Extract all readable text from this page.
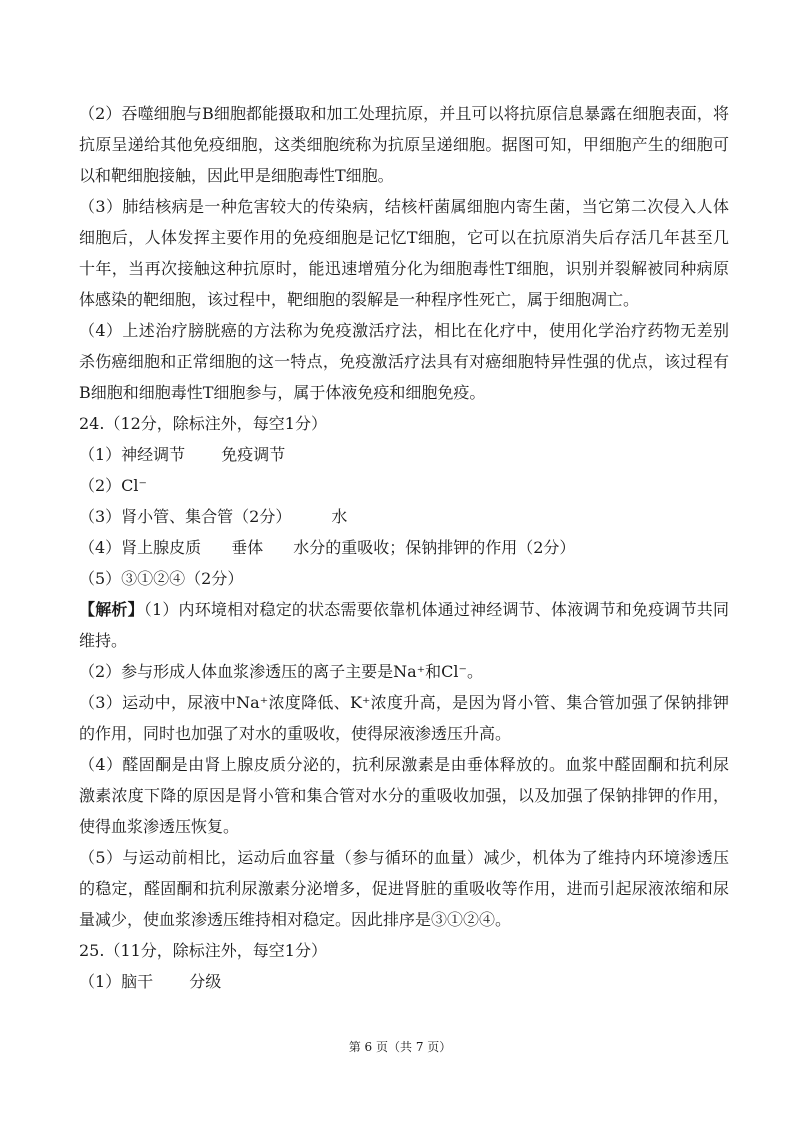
（2）吞噬细胞与B细胞都能摄取和加工处理抗原，并且可以将抗原信息暴露在细胞表面，将抗原呈递给其他免疫细胞，这类细胞统称为抗原呈递细胞。据图可知，甲细胞产生的细胞可以和靶细胞接触，因此甲是细胞毒性T细胞。

（3）肺结核病是一种危害较大的传染病，结核杆菌属细胞内寄生菌，当它第二次侵入人体细胞后，人体发挥主要作用的免疫细胞是记忆T细胞，它可以在抗原消失后存活几年甚至几十年，当再次接触这种抗原时，能迅速增殖分化为细胞毒性T细胞，识别并裂解被同种病原体感染的靶细胞，该过程中，靶细胞的裂解是一种程序性死亡，属于细胞凋亡。

（4）上述治疗膀胱癌的方法称为免疫激活疗法，相比在化疗中，使用化学治疗药物无差别杀伤癌细胞和正常细胞的这一特点，免疫激活疗法具有对癌细胞特异性强的优点，该过程有B细胞和细胞毒性T细胞参与，属于体液免疫和细胞免疫。

24.（12分，除标注外，每空1分）

（1）神经调节 免疫调节

（2）Cl⁻

（3）肾小管、集合管（2分）	水

（4）肾上腺皮质 垂体 水分的重吸收；保钠排钾的作用（2分）

（5）③①②④（2分）

【解析】（1）内环境相对稳定的状态需要依靠机体通过神经调节、体液调节和免疫调节共同维持。

（2）参与形成人体血浆渗透压的离子主要是Na⁺和Cl⁻。

（3）运动中，尿液中Na⁺浓度降低、K⁺浓度升高，是因为肾小管、集合管加强了保钠排钾的作用，同时也加强了对水的重吸收，使得尿液渗透压升高。

（4）醛固酮是由肾上腺皮质分泌的，抗利尿激素是由垂体释放的。血浆中醛固酮和抗利尿激素浓度下降的原因是肾小管和集合管对水分的重吸收加强，以及加强了保钠排钾的作用，使得血浆渗透压恢复。

（5）与运动前相比，运动后血容量（参与循环的血量）减少，机体为了维持内环境渗透压的稳定，醛固酮和抗利尿激素分泌增多，促进肾脏的重吸收等作用，进而引起尿液浓缩和尿量减少，使血浆渗透压维持相对稳定。因此排序是③①②④。

25.（11分，除标注外，每空1分）

（1）脑干 分级

第 6 页（共 7 页）
